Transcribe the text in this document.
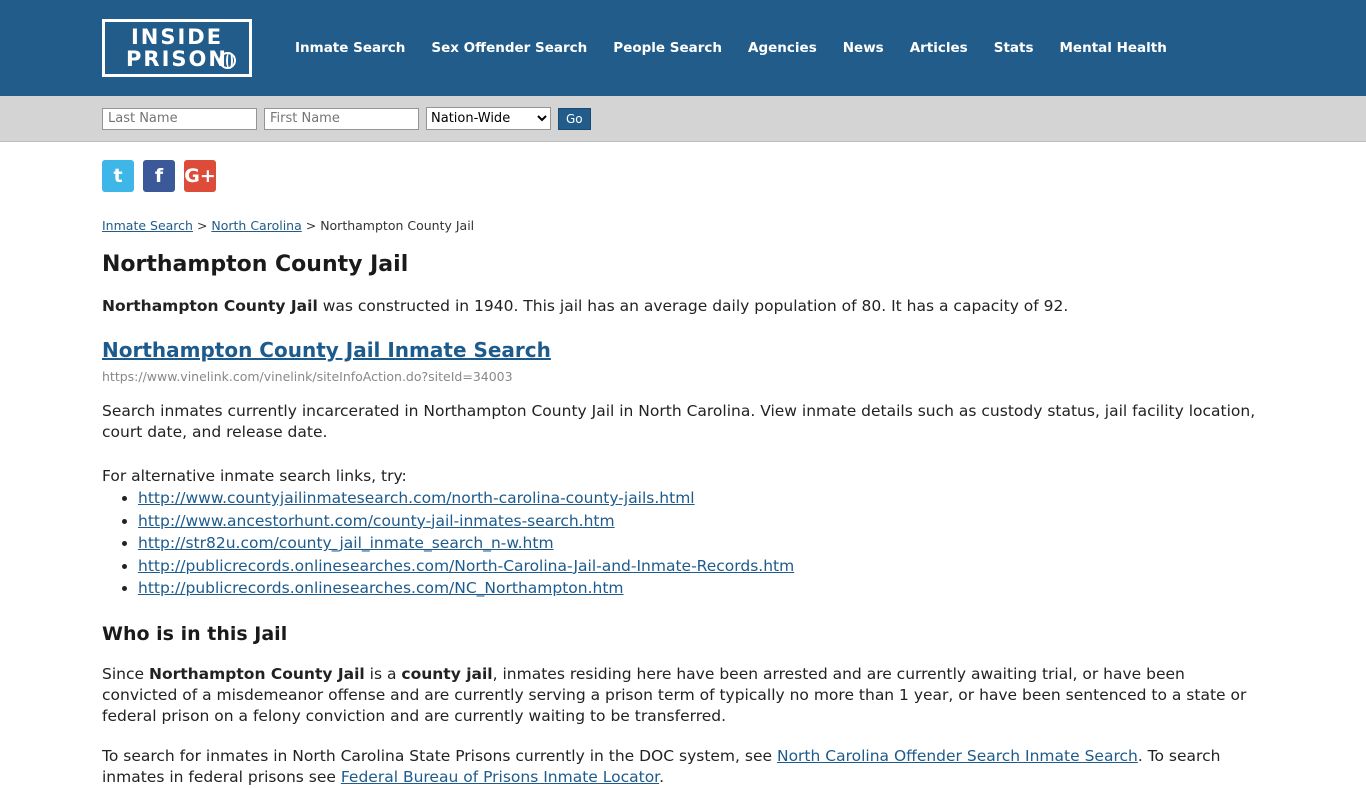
INSIDE
PRISON	Inmate Search	Sex Offender Search	People Search	Agencies	News	Articles	Stats	Mental Health
Last Name
First Name
Nation-Wide
Go
t	f	G+
Inmate Search > North Carolina > Northampton County Jail
Northampton County Jail

Northampton County Jail was constructed in 1940. This jail has an average daily population of 80. It has a capacity of 92.

Northampton County Jail Inmate Search

https://www.vinelink.com/vinelink/siteInfoAction.do?siteId=34003

Search inmates currently incarcerated in Northampton County Jail in North Carolina. View inmate details such as custody status, jail facility location, court date, and release date.

For alternative inmate search links, try:

• http://www.countyjailinmatesearch.com/north-carolina-county-jails.html
• http://www.ancestorhunt.com/county-jail-inmates-search.htm
• http://str82u.com/county_jail_inmate_search_n-w.htm
• http://publicrecords.onlinesearches.com/North-Carolina-Jail-and-Inmate-Records.htm
• http://publicrecords.onlinesearches.com/NC_Northampton.htm
Who is in this Jail

Since Northampton County Jail is a county jail, inmates residing here have been arrested and are currently awaiting trial, or have been convicted of a misdemeanor offense and are currently serving a prison term of typically no more than 1 year, or have been sentenced to a state or federal prison on a felony conviction and are currently waiting to be transferred.

To search for inmates in North Carolina State Prisons currently in the DOC system, see North Carolina Offender Search Inmate Search. To search inmates in federal prisons see Federal Bureau of Prisons Inmate Locator.
